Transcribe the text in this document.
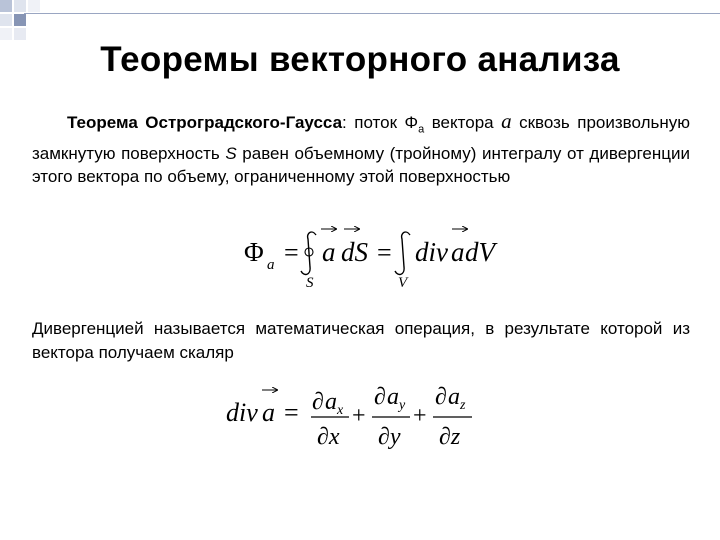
Теоремы векторного анализа
Теорема Остроградского-Гаусса: поток $\Phi_a$ вектора a сквозь произвольную замкнутую поверхность S равен объемному (тройному) интегралу от дивергенции этого вектора по объему, ограниченному этой поверхностью
Φ a =
S
a dS =
V
div a dV
Дивергенцией называется математическая операция, в результате которой из вектора получаем скаляр
div a = ∂ a x
∂x
+
∂ a y
∂y
+
∂ a z
∂z
